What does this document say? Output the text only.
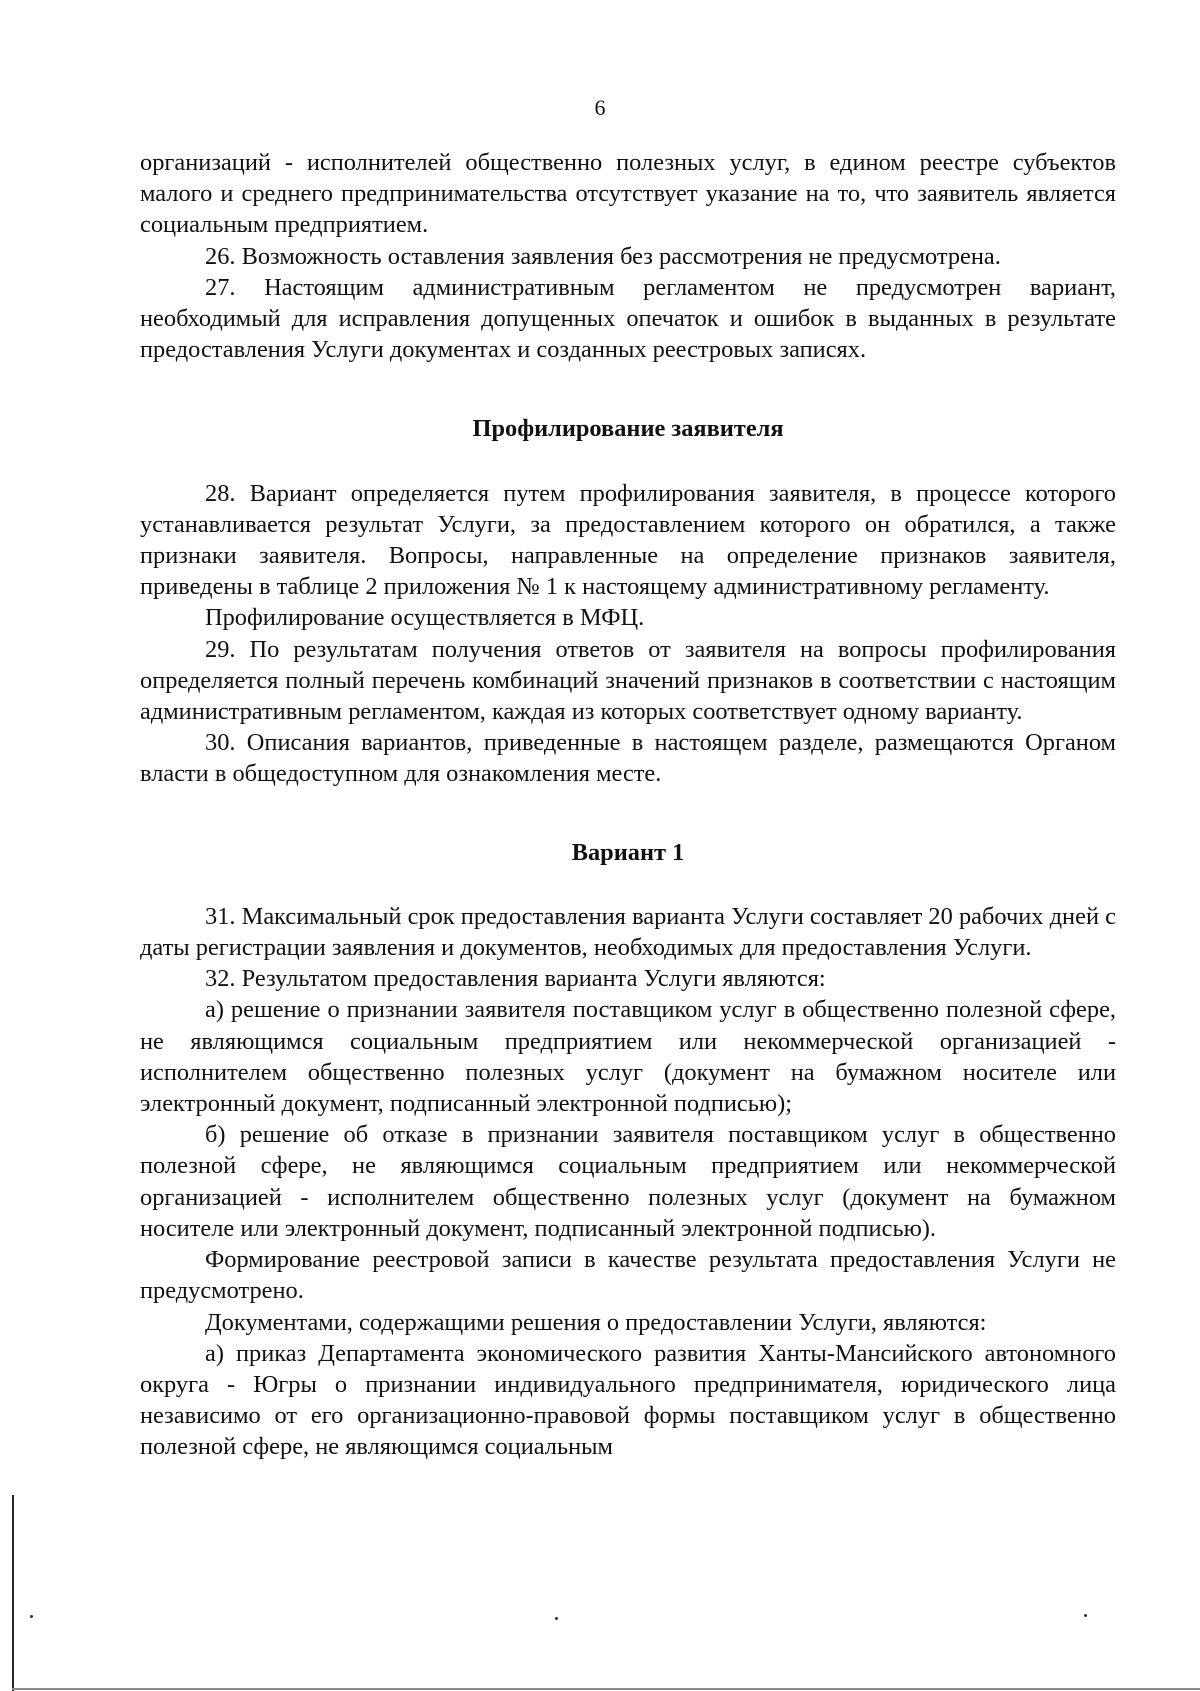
6

организаций - исполнителей общественно полезных услуг, в едином реестре субъектов малого и среднего предпринимательства отсутствует указание на то, что заявитель является социальным предприятием.

26. Возможность оставления заявления без рассмотрения не предусмотрена.

27. Настоящим административным регламентом не предусмотрен вариант, необходимый для исправления допущенных опечаток и ошибок в выданных в результате предоставления Услуги документах и созданных реестровых записях.

Профилирование заявителя

28. Вариант определяется путем профилирования заявителя, в процессе которого устанавливается результат Услуги, за предоставлением которого он обратился, а также признаки заявителя. Вопросы, направленные на определение признаков заявителя, приведены в таблице 2 приложения № 1 к настоящему административному регламенту.

Профилирование осуществляется в МФЦ.

29. По результатам получения ответов от заявителя на вопросы профилирования определяется полный перечень комбинаций значений признаков в соответствии с настоящим административным регламентом, каждая из которых соответствует одному варианту.

30. Описания вариантов, приведенные в настоящем разделе, размещаются Органом власти в общедоступном для ознакомления месте.

Вариант 1

31. Максимальный срок предоставления варианта Услуги составляет 20 рабочих дней с даты регистрации заявления и документов, необходимых для предоставления Услуги.

32. Результатом предоставления варианта Услуги являются:

а) решение о признании заявителя поставщиком услуг в общественно полезной сфере, не являющимся социальным предприятием или некоммерческой организацией - исполнителем общественно полезных услуг (документ на бумажном носителе или электронный документ, подписанный электронной подписью);

б) решение об отказе в признании заявителя поставщиком услуг в общественно полезной сфере, не являющимся социальным предприятием или некоммерческой организацией - исполнителем общественно полезных услуг (документ на бумажном носителе или электронный документ, подписанный электронной подписью).

Формирование реестровой записи в качестве результата предоставления Услуги не предусмотрено.

Документами, содержащими решения о предоставлении Услуги, являются:

а) приказ Департамента экономического развития Ханты-Мансийского автономного округа - Югры о признании индивидуального предпринимателя, юридического лица независимо от его организационно-правовой формы поставщиком услуг в общественно полезной сфере, не являющимся социальным
